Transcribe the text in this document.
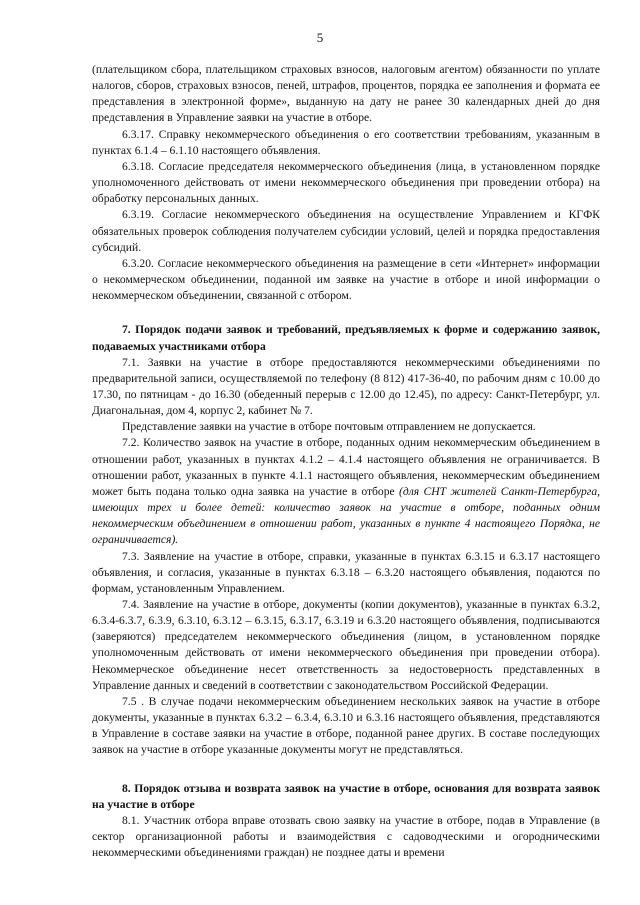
5

(плательщиком сбора, плательщиком страховых взносов, налоговым агентом) обязанности по уплате налогов, сборов, страховых взносов, пеней, штрафов, процентов, порядка ее заполнения и формата ее представления в электронной форме», выданную на дату не ранее 30 календарных дней до дня представления в Управление заявки на участие в отборе.

6.3.17. Справку некоммерческого объединения о его соответствии требованиям, указанным в пунктах 6.1.4 – 6.1.10 настоящего объявления.

6.3.18. Согласие председателя некоммерческого объединения (лица, в установленном порядке уполномоченного действовать от имени некоммерческого объединения при проведении отбора) на обработку персональных данных.

6.3.19. Согласие некоммерческого объединения на осуществление Управлением и КГФК обязательных проверок соблюдения получателем субсидии условий, целей и порядка предоставления субсидий.

6.3.20. Согласие некоммерческого объединения на размещение в сети «Интернет» информации о некоммерческом объединении, поданной им заявке на участие в отборе и иной информации о некоммерческом объединении, связанной с отбором.

7. Порядок подачи заявок и требований, предъявляемых к форме и содержанию заявок, подаваемых участниками отбора

7.1. Заявки на участие в отборе предоставляются некоммерческими объединениями по предварительной записи, осуществляемой по телефону (8 812) 417-36-40, по рабочим дням с 10.00 до 17.30, по пятницам - до 16.30 (обеденный перерыв с 12.00 до 12.45), по адресу: Санкт-Петербург, ул. Диагональная, дом 4, корпус 2, кабинет № 7.

Представление заявки на участие в отборе почтовым отправлением не допускается.

7.2. Количество заявок на участие в отборе, поданных одним некоммерческим объединением в отношении работ, указанных в пунктах 4.1.2 – 4.1.4 настоящего объявления не ограничивается. В отношении работ, указанных в пункте 4.1.1 настоящего объявления, некоммерческим объединением может быть подана только одна заявка на участие в отборе (для СНТ жителей Санкт-Петербурга, имеющих трех и более детей: количество заявок на участие в отборе, поданных одним некоммерческим объединением в отношении работ, указанных в пункте 4 настоящего Порядка, не ограничивается).

7.3. Заявление на участие в отборе, справки, указанные в пунктах 6.3.15 и 6.3.17 настоящего объявления, и согласия, указанные в пунктах 6.3.18 – 6.3.20 настоящего объявления, подаются по формам, установленным Управлением.

7.4. Заявление на участие в отборе, документы (копии документов), указанные в пунктах 6.3.2, 6.3.4-6.3.7, 6.3.9, 6.3.10, 6.3.12 – 6.3.15, 6.3.17, 6.3.19 и 6.3.20 настоящего объявления, подписываются (заверяются) председателем некоммерческого объединения (лицом, в установленном порядке уполномоченным действовать от имени некоммерческого объединения при проведении отбора). Некоммерческое объединение несет ответственность за недостоверность представленных в Управление данных и сведений в соответствии с законодательством Российской Федерации.

7.5 . В случае подачи некоммерческим объединением нескольких заявок на участие в отборе документы, указанные в пунктах 6.3.2 – 6.3.4, 6.3.10 и 6.3.16 настоящего объявления, представляются в Управление в составе заявки на участие в отборе, поданной ранее других. В составе последующих заявок на участие в отборе указанные документы могут не представляться.

8. Порядок отзыва и возврата заявок на участие в отборе, основания для возврата заявок на участие в отборе

8.1. Участник отбора вправе отозвать свою заявку на участие в отборе, подав в Управление (в сектор организационной работы и взаимодействия с садоводческими и огородническими некоммерческими объединениями граждан) не позднее даты и времени
